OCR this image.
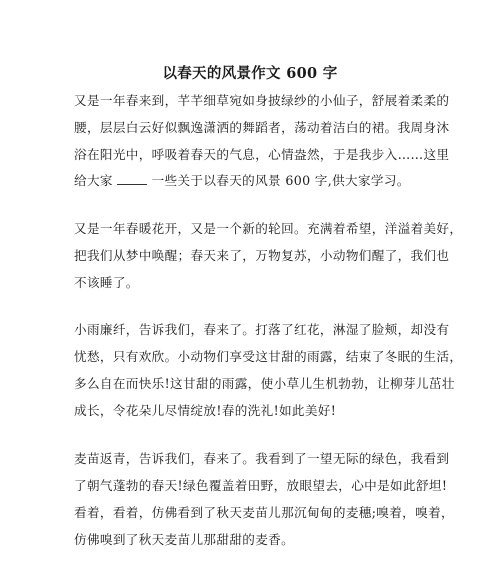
以春天的风景作文 600 字
又是一年春来到，芊芊细草宛如身披绿纱的小仙子，舒展着柔柔的
腰，层层白云好似飘逸潇洒的舞蹈者，荡动着洁白的裙。我周身沐
浴在阳光中，呼吸着春天的气息，心情盎然，于是我步入……这里
给大家	一些关于以春天的风景 600 字,供大家学习。
又是一年春暖花开，又是一个新的轮回。充满着希望，洋溢着美好，
把我们从梦中唤醒；春天来了，万物复苏，小动物们醒了，我们也
不该睡了。
小雨廉纤，告诉我们，春来了。打落了红花，淋湿了脸颊，却没有
忧愁，只有欢欣。小动物们享受这甘甜的雨露，结束了冬眠的生活，
多么自在而快乐!这甘甜的雨露，使小草儿生机勃勃，让柳芽儿茁壮
成长，令花朵儿尽情绽放!春的洗礼!如此美好!
麦苗返青，告诉我们，春来了。我看到了一望无际的绿色，我看到
了朝气蓬勃的春天!绿色覆盖着田野，放眼望去，心中是如此舒坦!
看着，看着，仿佛看到了秋天麦苗儿那沉甸甸的麦穗;嗅着，嗅着，
仿佛嗅到了秋天麦苗儿那甜甜的麦香。
